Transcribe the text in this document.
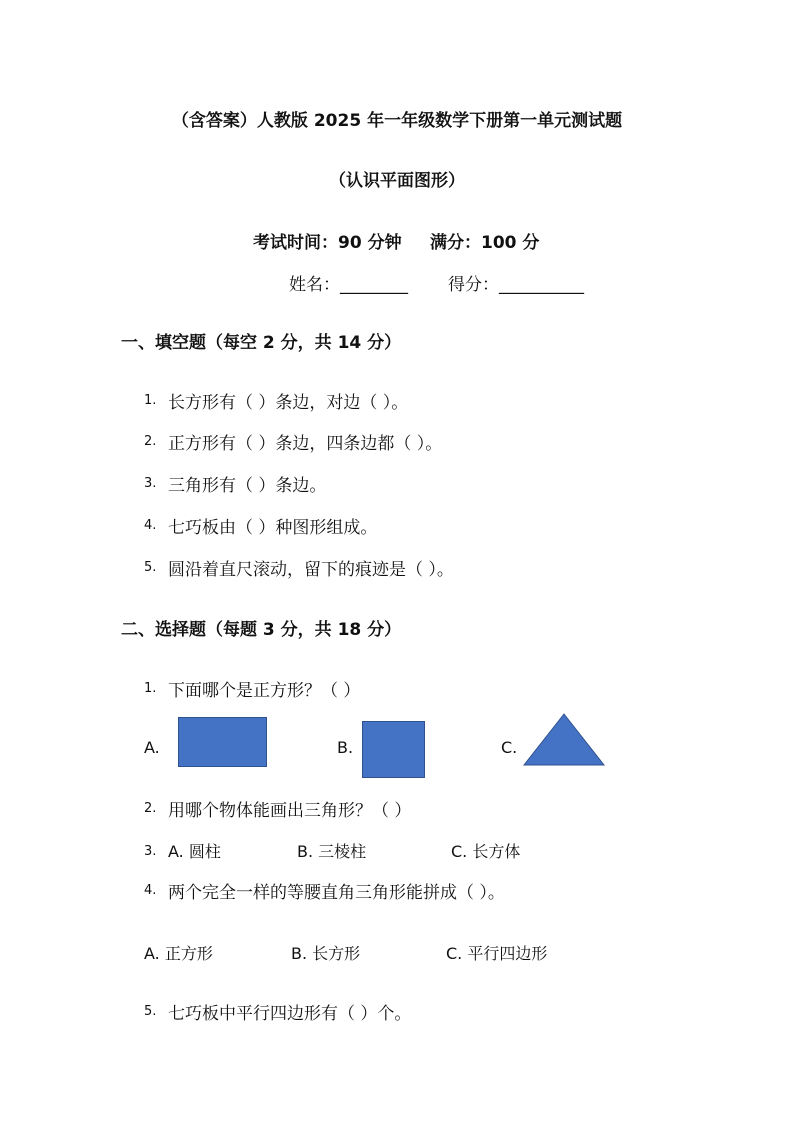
（含答案）人教版 2025 年一年级数学下册第一单元测试题
（认识平面图形）
考试时间：90 分钟 满分：100 分
姓名：________ 得分：__________
一、填空题（每空 2 分，共 14 分）
1. 长方形有（ ）条边，对边（ ）。
2. 正方形有（ ）条边，四条边都（ ）。
3. 三角形有（ ）条边。
4. 七巧板由（ ）种图形组成。
5. 圆沿着直尺滚动，留下的痕迹是（ ）。
二、选择题（每题 3 分，共 18 分）
1. 下面哪个是正方形？（ ）
A.	B.	C.
2. 用哪个物体能画出三角形？（ ）
3. A. 圆柱	B. 三棱柱	C. 长方体
4. 两个完全一样的等腰直角三角形能拼成（ ）。
A. 正方形	B. 长方形	C. 平行四边形
5. 七巧板中平行四边形有（ ）个。
